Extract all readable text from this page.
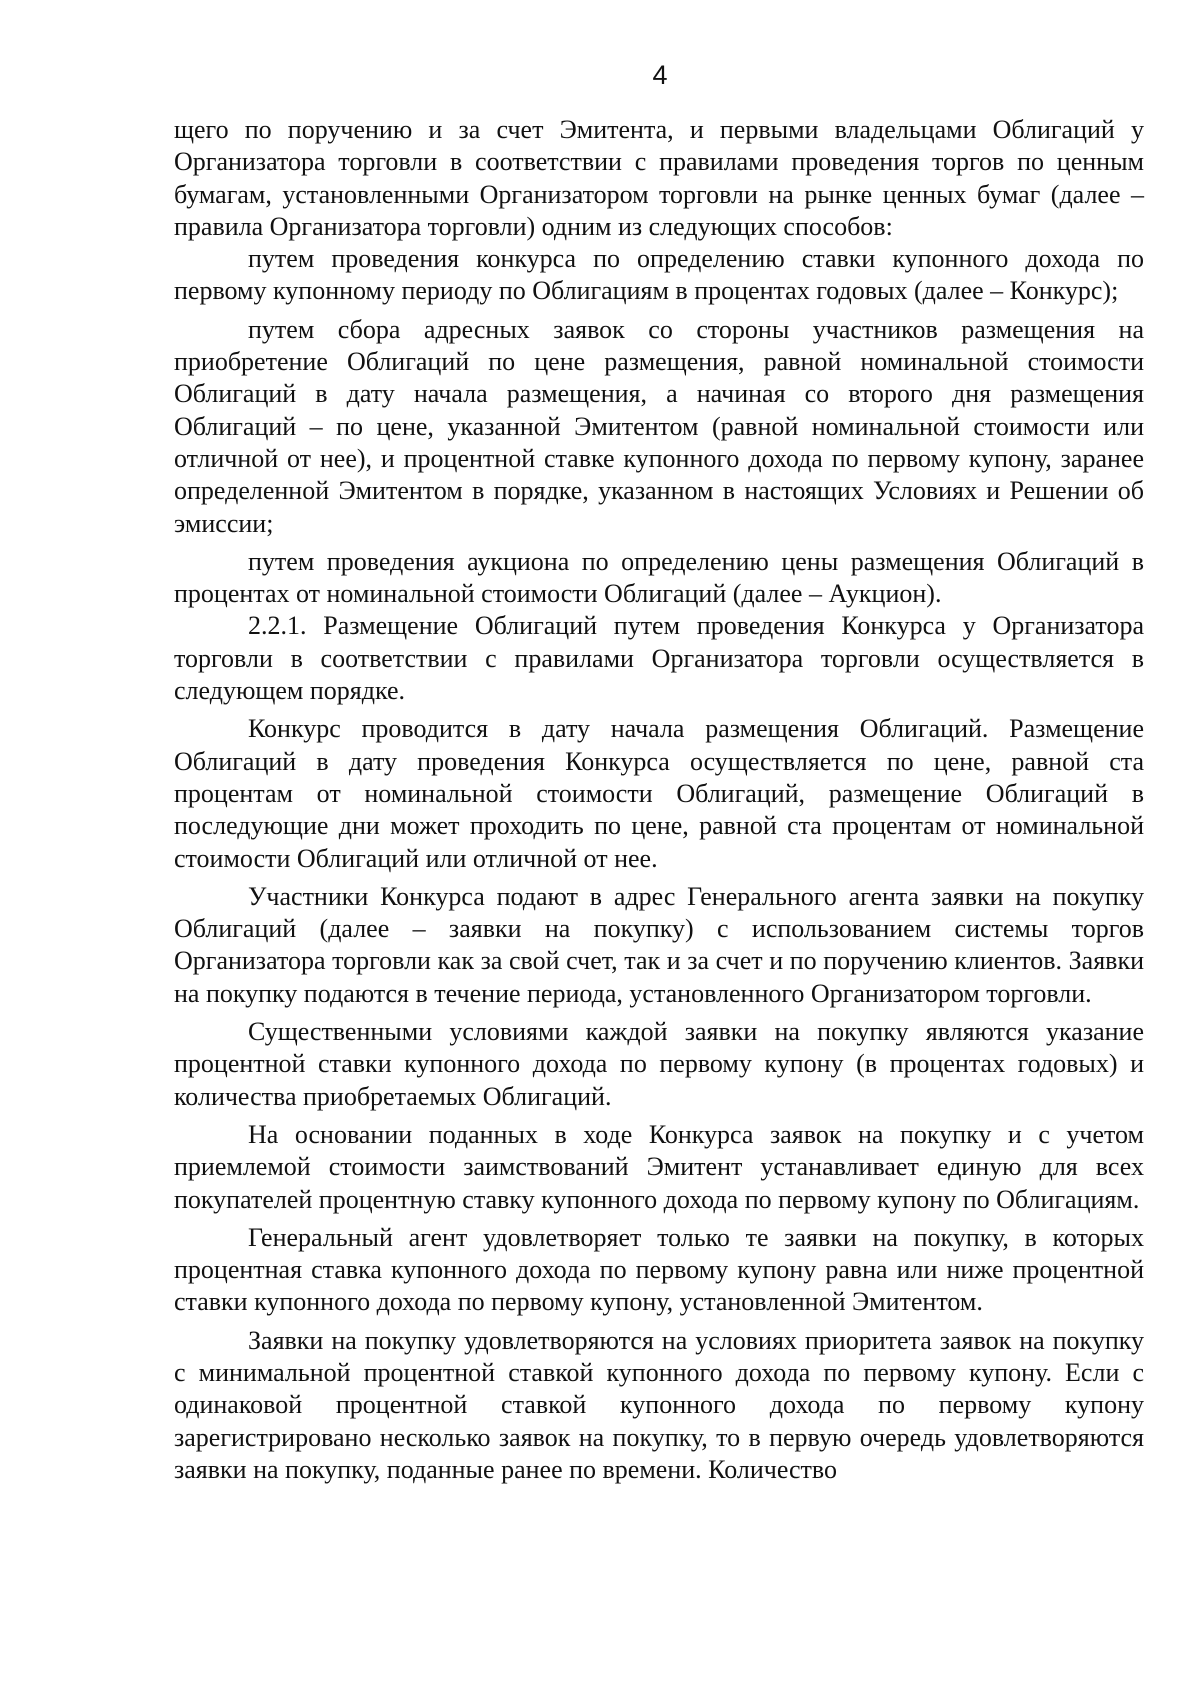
4

щего по поручению и за счет Эмитента, и первыми владельцами Облигаций у Организатора торговли в соответствии с правилами проведения торгов по ценным бумагам, установленными Организатором торговли на рынке ценных бумаг (далее – правила Организатора торговли) одним из следующих способов:

путем проведения конкурса по определению ставки купонного дохода по первому купонному периоду по Облигациям в процентах годовых (далее – Конкурс);

путем сбора адресных заявок со стороны участников размещения на приобретение Облигаций по цене размещения, равной номинальной стоимости Облигаций в дату начала размещения, а начиная со второго дня размещения Облигаций – по цене, указанной Эмитентом (равной номинальной стоимости или отличной от нее), и процентной ставке купонного дохода по первому купону, заранее определенной Эмитентом в порядке, указанном в настоящих Условиях и Решении об эмиссии;

путем проведения аукциона по определению цены размещения Облигаций в процентах от номинальной стоимости Облигаций (далее – Аукцион).

2.2.1. Размещение Облигаций путем проведения Конкурса у Организатора торговли в соответствии с правилами Организатора торговли осуществляется в следующем порядке.

Конкурс проводится в дату начала размещения Облигаций. Размещение Облигаций в дату проведения Конкурса осуществляется по цене, равной ста процентам от номинальной стоимости Облигаций, размещение Облигаций в последующие дни может проходить по цене, равной ста процентам от номинальной стоимости Облигаций или отличной от нее.

Участники Конкурса подают в адрес Генерального агента заявки на покупку Облигаций (далее – заявки на покупку) с использованием системы торгов Организатора торговли как за свой счет, так и за счет и по поручению клиентов. Заявки на покупку подаются в течение периода, установленного Организатором торговли.

Существенными условиями каждой заявки на покупку являются указание процентной ставки купонного дохода по первому купону (в процентах годовых) и количества приобретаемых Облигаций.

На основании поданных в ходе Конкурса заявок на покупку и с учетом приемлемой стоимости заимствований Эмитент устанавливает единую для всех покупателей процентную ставку купонного дохода по первому купону по Облигациям.

Генеральный агент удовлетворяет только те заявки на покупку, в которых процентная ставка купонного дохода по первому купону равна или ниже процентной ставки купонного дохода по первому купону, установленной Эмитентом.

Заявки на покупку удовлетворяются на условиях приоритета заявок на покупку с минимальной процентной ставкой купонного дохода по первому купону. Если с одинаковой процентной ставкой купонного дохода по первому купону зарегистрировано несколько заявок на покупку, то в первую очередь удовлетворяются заявки на покупку, поданные ранее по времени. Количество
